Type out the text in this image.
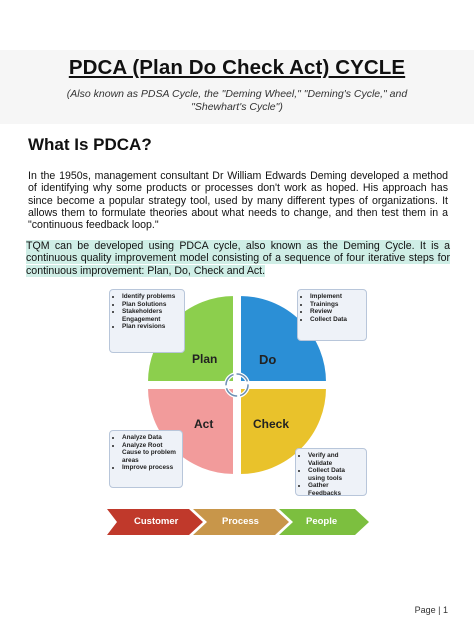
PDCA (Plan Do Check Act) CYCLE
(Also known as PDSA Cycle, the "Deming Wheel," "Deming's Cycle," and "Shewhart's Cycle")
What Is PDCA?
In the 1950s, management consultant Dr William Edwards Deming developed a method of identifying why some products or processes don't work as hoped. His approach has since become a popular strategy tool, used by many different types of organizations. It allows them to formulate theories about what needs to change, and then test them in a "continuous feedback loop."
TQM can be developed using PDCA cycle, also known as the Deming Cycle. It is a continuous quality improvement model consisting of a sequence of four iterative steps for continuous improvement: Plan, Do, Check and Act.
Plan	Do
Act	Check
• Identify problems
• Plan Solutions
• Stakeholders Engagement
• Plan revisions
• Implement
• Trainings
• Review
• Collect Data
• Analyze Data
• Analyze Root Cause to problem areas
• Improve process
• Verify and Validate
• Collect Data using tools
• Gather Feedbacks
Customer	Process	People
Page | 1
